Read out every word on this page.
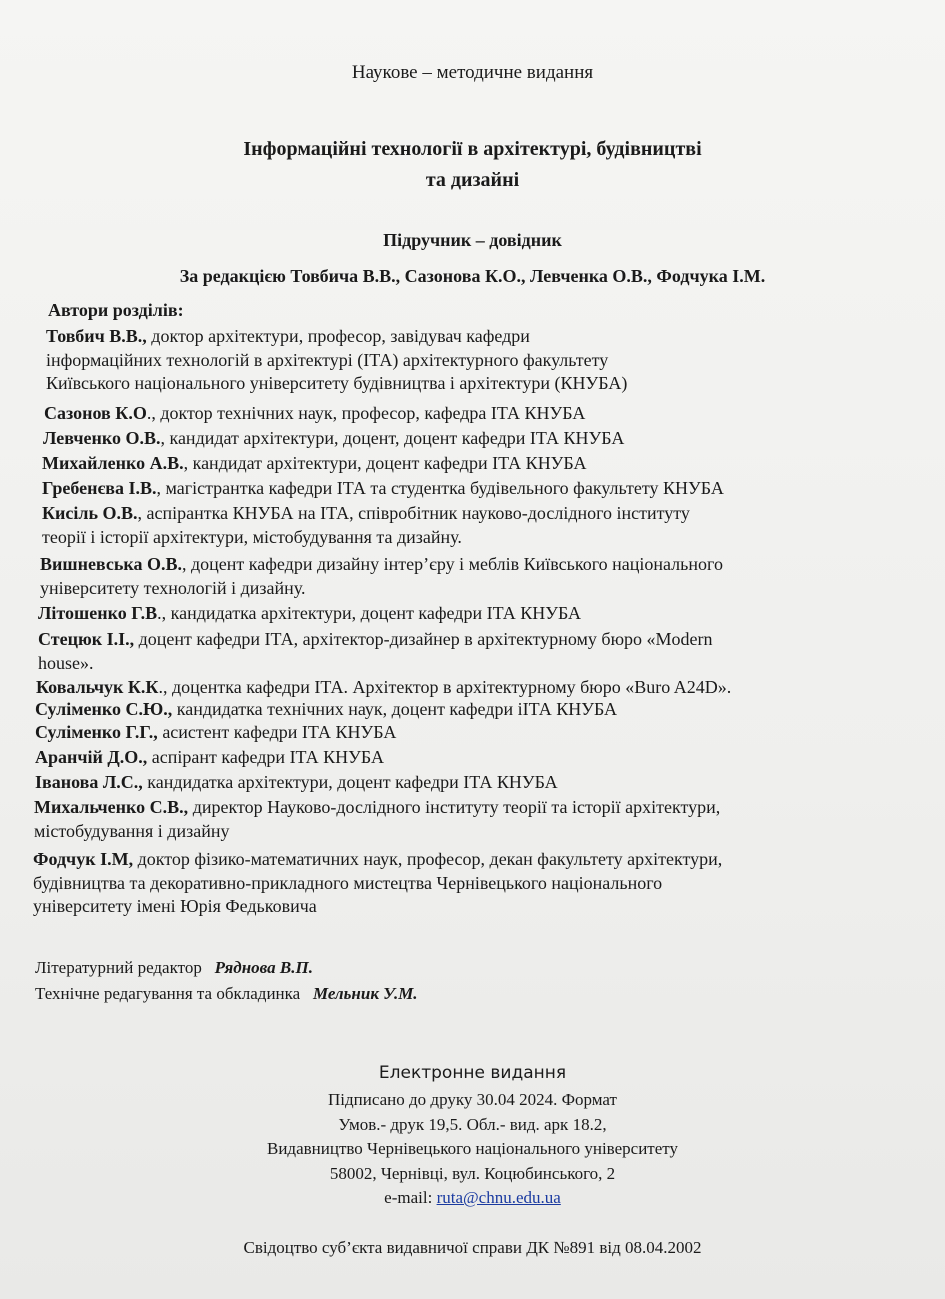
Наукове – методичне видання
Інформаційні технології в архітектурі, будівництві
та дизайні
Підручник – довідник
За редакцією Товбича В.В., Сазонова К.О., Левченка О.В., Фодчука І.М.
Автори розділів:
Товбич В.В., доктор архітектури, професор, завідувач кафедри
інформаційних технологій в архітектурі (ІТА) архітектурного факультету
Київського національного університету будівництва і архітектури (КНУБА)
Сазонов К.О., доктор технічних наук, професор, кафедра ІТА КНУБА
Левченко О.В., кандидат архітектури, доцент, доцент кафедри ІТА КНУБА
Михайленко А.В., кандидат архітектури, доцент кафедри ІТА КНУБА
Гребенєва І.В., магістрантка кафедри ІТА та студентка будівельного факультету КНУБА
Кисіль О.В., аспірантка КНУБА на ІТА, співробітник науково-дослідного інституту
теорії і історії архітектури, містобудування та дизайну.
Вишневська О.В., доцент кафедри дизайну інтер’єру і меблів Київського національного
університету технологій і дизайну.
Літошенко Г.В., кандидатка архітектури, доцент кафедри ІТА КНУБА
Стецюк І.І., доцент кафедри ІТА, архітектор-дизайнер в архітектурному бюро «Modern
house».
Ковальчук К.К., доцентка кафедри ІТА. Архітектор в архітектурному бюро «Buro A24D».
Суліменко С.Ю., кандидатка технічних наук, доцент кафедри іІТА КНУБА
Суліменко Г.Г., асистент кафедри ІТА КНУБА
Аранчій Д.О., аспірант кафедри ІТА КНУБА
Іванова Л.С., кандидатка архітектури, доцент кафедри ІТА КНУБА
Михальченко С.В., директор Науково-дослідного інституту теорії та історії архітектури,
містобудування і дизайну
Фодчук І.М, доктор фізико-математичних наук, професор, декан факультету архітектури,
будівництва та декоративно-прикладного мистецтва Чернівецького національного
університету імені Юрія Федьковича
Літературний редактор Ряднова В.П.
Технічне редагування та обкладинка Мельник У.М.
Електронне видання
Підписано до друку 30.04 2024. Формат
Умов.- друк 19,5. Обл.- вид. арк 18.2,
Видавництво Чернівецького національного університету
58002, Чернівці, вул. Коцюбинського, 2
e-mail: ruta@chnu.edu.ua
Свідоцтво суб’єкта видавничої справи ДК №891 від 08.04.2002
